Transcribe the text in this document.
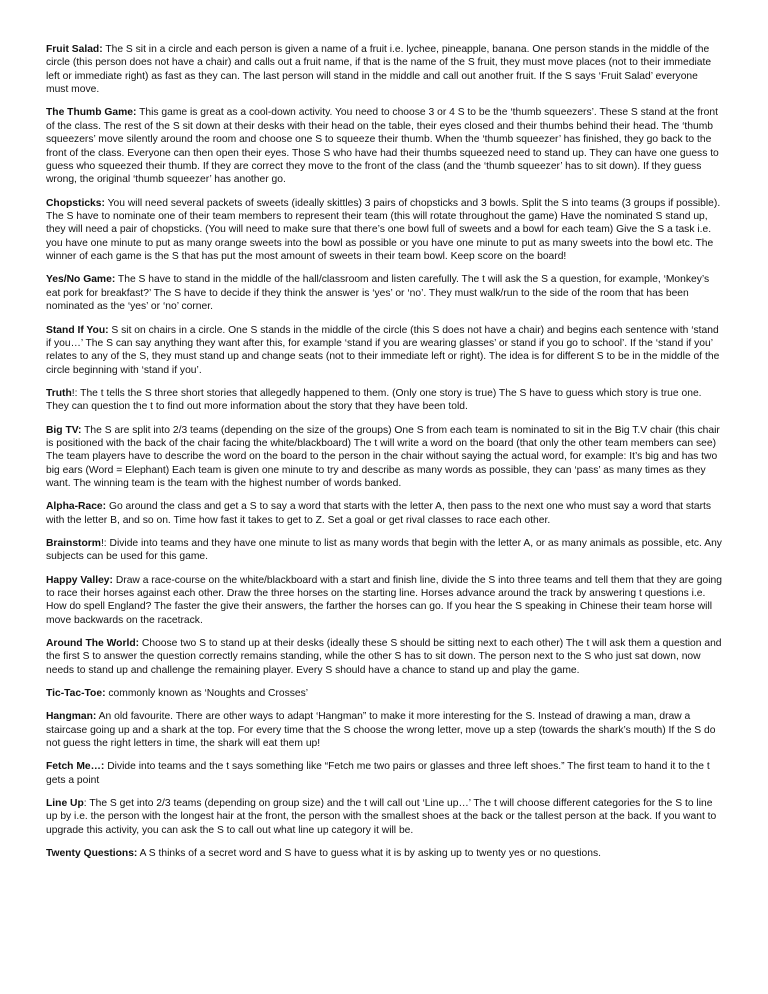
Fruit Salad: The S sit in a circle and each person is given a name of a fruit i.e. lychee, pineapple, banana. One person stands in the middle of the circle (this person does not have a chair) and calls out a fruit name, if that is the name of the S fruit, they must move places (not to their immediate left or immediate right) as fast as they can. The last person will stand in the middle and call out another fruit. If the S says ‘Fruit Salad’ everyone must move.

The Thumb Game: This game is great as a cool-down activity. You need to choose 3 or 4 S to be the ‘thumb squeezers’. These S stand at the front of the class. The rest of the S sit down at their desks with their head on the table, their eyes closed and their thumbs behind their head. The ‘thumb squeezers’ move silently around the room and choose one S to squeeze their thumb. When the ‘thumb squeezer’ has finished, they go back to the front of the class. Everyone can then open their eyes. Those S who have had their thumbs squeezed need to stand up. They can have one guess to guess who squeezed their thumb. If they are correct they move to the front of the class (and the ‘thumb squeezer’ has to sit down). If they guess wrong, the original ‘thumb squeezer’ has another go.

Chopsticks: You will need several packets of sweets (ideally skittles) 3 pairs of chopsticks and 3 bowls. Split the S into teams (3 groups if possible). The S have to nominate one of their team members to represent their team (this will rotate throughout the game) Have the nominated S stand up, they will need a pair of chopsticks. (You will need to make sure that there’s one bowl full of sweets and a bowl for each team) Give the S a task i.e. you have one minute to put as many orange sweets into the bowl as possible or you have one minute to put as many sweets into the bowl etc. The winner of each game is the S that has put the most amount of sweets in their team bowl. Keep score on the board!

Yes/No Game: The S have to stand in the middle of the hall/classroom and listen carefully. The t will ask the S a question, for example, ‘Monkey’s eat pork for breakfast?’ The S have to decide if they think the answer is ‘yes’ or ‘no’. They must walk/run to the side of the room that has been nominated as the ‘yes’ or ‘no’ corner.

Stand If You: S sit on chairs in a circle. One S stands in the middle of the circle (this S does not have a chair) and begins each sentence with ‘stand if you…’ The S can say anything they want after this, for example ‘stand if you are wearing glasses’ or stand if you go to school’. If the ‘stand if you’ relates to any of the S, they must stand up and change seats (not to their immediate left or right). The idea is for different S to be in the middle of the circle beginning with ‘stand if you’.

Truth!: The t tells the S three short stories that allegedly happened to them. (Only one story is true) The S have to guess which story is true one. They can question the t to find out more information about the story that they have been told.

Big TV: The S are split into 2/3 teams (depending on the size of the groups) One S from each team is nominated to sit in the Big T.V chair (this chair is positioned with the back of the chair facing the white/blackboard) The t will write a word on the board (that only the other team members can see) The team players have to describe the word on the board to the person in the chair without saying the actual word, for example: It’s big and has two big ears (Word = Elephant) Each team is given one minute to try and describe as many words as possible, they can ‘pass’ as many times as they want. The winning team is the team with the highest number of words banked.

Alpha-Race: Go around the class and get a S to say a word that starts with the letter A, then pass to the next one who must say a word that starts with the letter B, and so on. Time how fast it takes to get to Z. Set a goal or get rival classes to race each other.

Brainstorm!: Divide into teams and they have one minute to list as many words that begin with the letter A, or as many animals as possible, etc. Any subjects can be used for this game.

Happy Valley: Draw a race-course on the white/blackboard with a start and finish line, divide the S into three teams and tell them that they are going to race their horses against each other. Draw the three horses on the starting line. Horses advance around the track by answering t questions i.e. How do spell England? The faster the give their answers, the farther the horses can go. If you hear the S speaking in Chinese their team horse will move backwards on the racetrack.

Around The World: Choose two S to stand up at their desks (ideally these S should be sitting next to each other) The t will ask them a question and the first S to answer the question correctly remains standing, while the other S has to sit down. The person next to the S who just sat down, now needs to stand up and challenge the remaining player. Every S should have a chance to stand up and play the game.

Tic-Tac-Toe: commonly known as ‘Noughts and Crosses’

Hangman: An old favourite. There are other ways to adapt ‘Hangman” to make it more interesting for the S. Instead of drawing a man, draw a staircase going up and a shark at the top. For every time that the S choose the wrong letter, move up a step (towards the shark’s mouth) If the S do not guess the right letters in time, the shark will eat them up!

Fetch Me…: Divide into teams and the t says something like “Fetch me two pairs or glasses and three left shoes.” The first team to hand it to the t gets a point

Line Up: The S get into 2/3 teams (depending on group size) and the t will call out ‘Line up…’ The t will choose different categories for the S to line up by i.e. the person with the longest hair at the front, the person with the smallest shoes at the back or the tallest person at the back. If you want to upgrade this activity, you can ask the S to call out what line up category it will be.

Twenty Questions: A S thinks of a secret word and S have to guess what it is by asking up to twenty yes or no questions.
